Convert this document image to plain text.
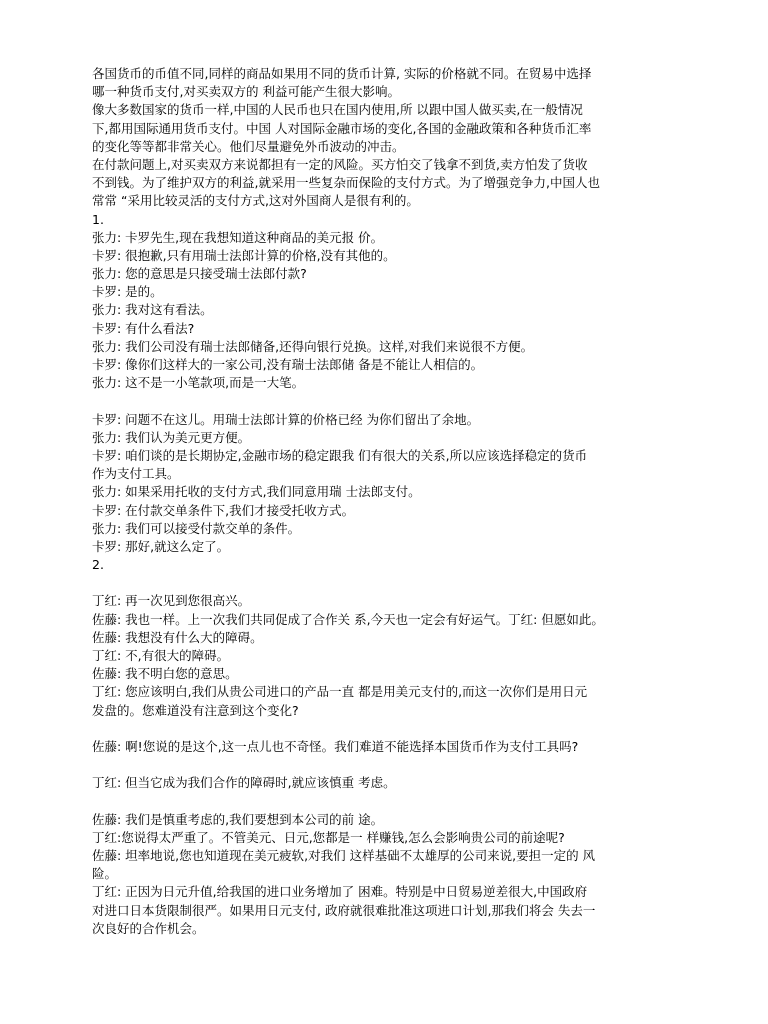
各国货币的币值不同,同样的商品如果用不同的货币计算, 实际的价格就不同。在贸易中选择
哪一种货币支付,对买卖双方的 利益可能产生很大影响。
像大多数国家的货币一样,中国的人民币也只在国内使用,所 以跟中国人做买卖,在一般情况
下,都用国际通用货币支付。中国 人对国际金融市场的变化,各国的金融政策和各种货币汇率
的变化等等都非常关心。他们尽量避免外币波动的冲击。
在付款问题上,对买卖双方来说都担有一定的风险。买方怕交了钱拿不到货,卖方怕发了货收
不到钱。为了维护双方的利益,就采用一些复杂而保险的支付方式。为了增强竞争力,中国人也
常常 “采用比较灵活的支付方式,这对外国商人是很有利的。
1.
张力: 卡罗先生,现在我想知道这种商品的美元报 价。
卡罗: 很抱歉,只有用瑞士法郎计算的价格,没有其他的。
张力: 您的意思是只接受瑞士法郎付款?
卡罗: 是的。
张力: 我对这有看法。
卡罗: 有什么看法?
张力: 我们公司没有瑞士法郎储备,还得向银行兑换。这样,对我们来说很不方便。
卡罗: 像你们这样大的一家公司,没有瑞士法郎储 备是不能让人相信的。
张力: 这不是一小笔款项,而是一大笔。
卡罗: 问题不在这儿。用瑞士法郎计算的价格已经 为你们留出了余地。
张力: 我们认为美元更方便。
卡罗: 咱们谈的是长期协定,金融市场的稳定跟我 们有很大的关系,所以应该选择稳定的货币
作为支付工具。
张力: 如果采用托收的支付方式,我们同意用瑞 士法郎支付。
卡罗: 在付款交单条件下,我们才接受托收方式。
张力: 我们可以接受付款交单的条件。
卡罗: 那好,就这么定了。
2.
丁红: 再一次见到您很高兴。
佐藤: 我也一样。上一次我们共同促成了合作关 系,今天也一定会有好运气。丁红: 但愿如此。
佐藤: 我想没有什么大的障碍。
丁红: 不,有很大的障碍。
佐藤: 我不明白您的意思。
丁红: 您应该明白,我们从贵公司进口的产品一直 都是用美元支付的,而这一次你们是用日元
发盘的。您难道没有注意到这个变化?
佐藤: 啊!您说的是这个,这一点儿也不奇怪。我们难道不能选择本国货币作为支付工具吗?
丁红: 但当它成为我们合作的障碍时,就应该慎重 考虑。
佐藤: 我们是慎重考虑的,我们要想到本公司的前 途。
丁红:您说得太严重了。不管美元、日元,您都是一 样赚钱,怎么会影响贵公司的前途呢?
佐藤: 坦率地说,您也知道现在美元疲软,对我们 这样基础不太雄厚的公司来说,要担一定的 风
险。
丁红: 正因为日元升值,给我国的进口业务增加了 困难。特别是中日贸易逆差很大,中国政府
对进口日本货限制很严。如果用日元支付, 政府就很难批准这项进口计划,那我们将会 失去一
次良好的合作机会。
